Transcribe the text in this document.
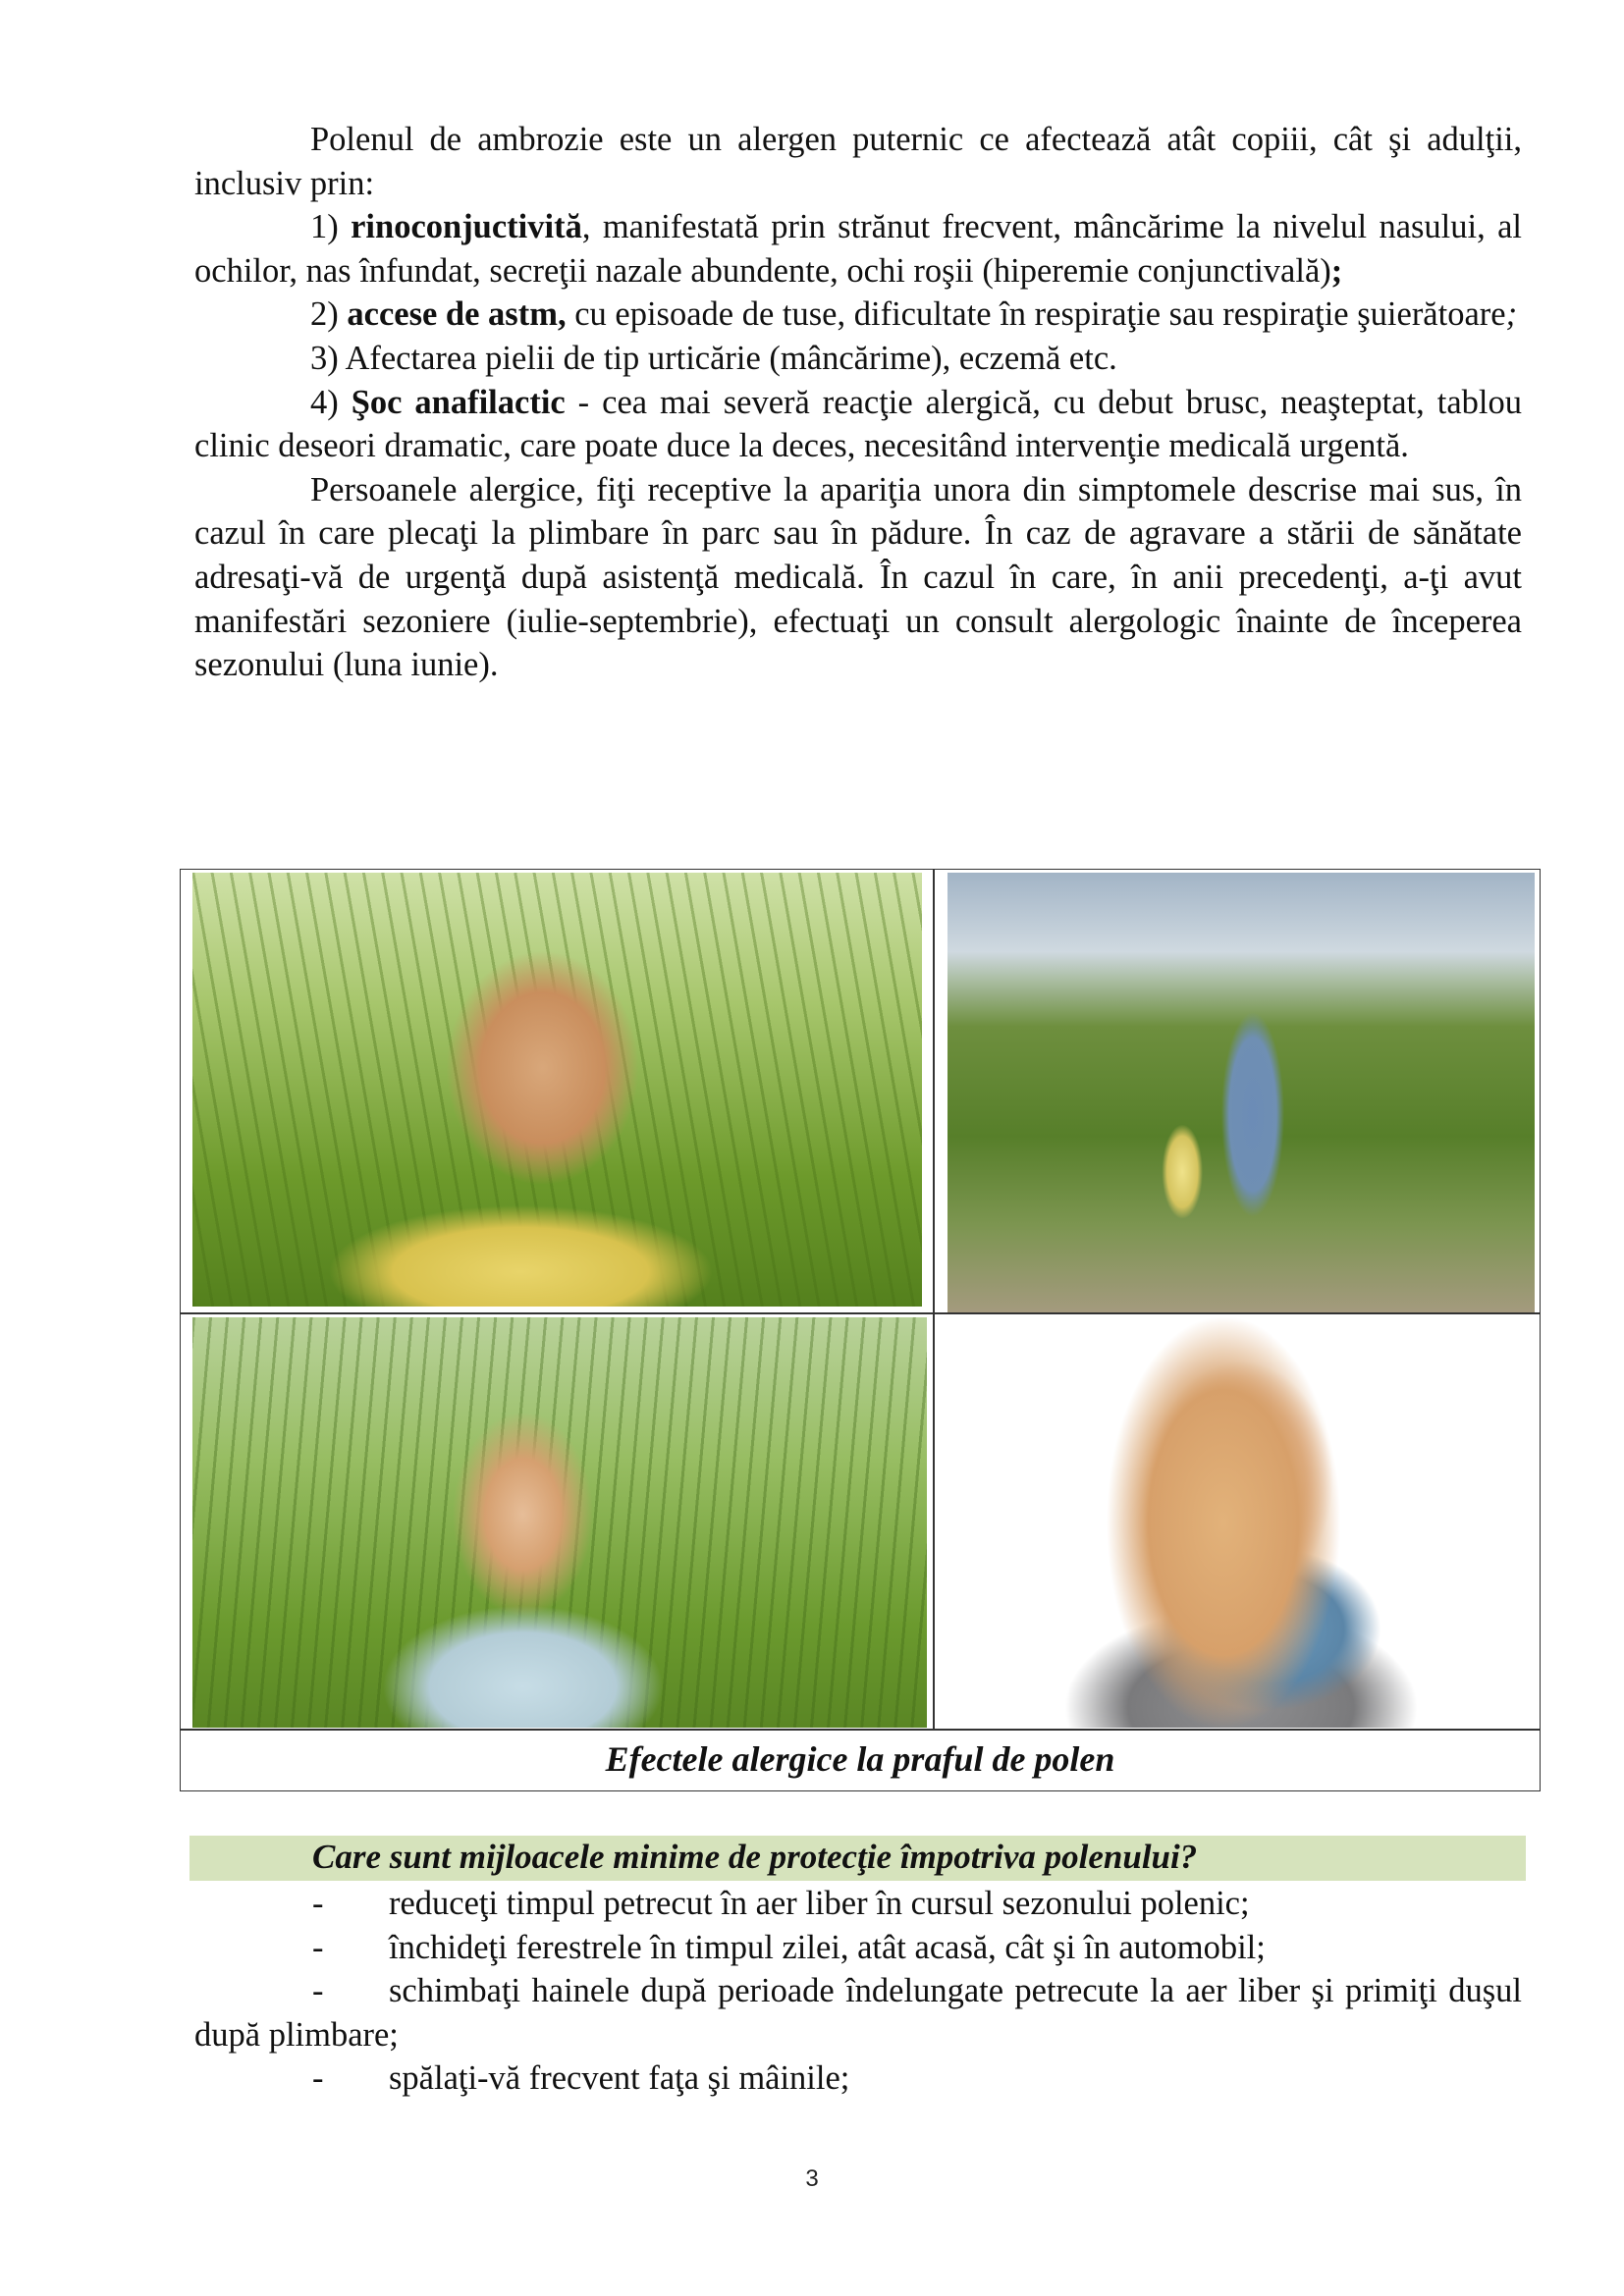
Polenul de ambrozie este un alergen puternic ce afectează atât copiii, cât şi adulţii, inclusiv prin:

1) rinoconjuctivită, manifestată prin strănut frecvent, mâncărime la nivelul nasului, al ochilor, nas înfundat, secreţii nazale abundente, ochi roşii (hiperemie conjunctivală);

2) accese de astm, cu episoade de tuse, dificultate în respiraţie sau respiraţie şuierătoare;

3) Afectarea pielii de tip urticărie (mâncărime), eczemă etc.

4) Şoc anafilactic - cea mai severă reacţie alergică, cu debut brusc, neaşteptat, tablou clinic deseori dramatic, care poate duce la deces, necesitând intervenţie medicală urgentă.

Persoanele alergice, fiţi receptive la apariţia unora din simptomele descrise mai sus, în cazul în care plecaţi la plimbare în parc sau în pădure. În caz de agravare a stării de sănătate adresaţi-vă de urgenţă după asistenţă medicală. În cazul în care, în anii precedenţi, a-ţi avut manifestări sezoniere (iulie-septembrie), efectuaţi un consult alergologic înainte de începerea sezonului (luna iunie).

Efectele alergice la praful de polen
Care sunt mijloacele minime de protecţie împotriva polenului?
-	reduceţi timpul petrecut în aer liber în cursul sezonului polenic;
-	închideţi ferestrele în timpul zilei, atât acasă, cât şi în automobil;
-	schimbaţi hainele după perioade îndelungate petrecute la aer liber şi primiţi duşul după plimbare;
-	spălaţi-vă frecvent faţa şi mâinile;
3
